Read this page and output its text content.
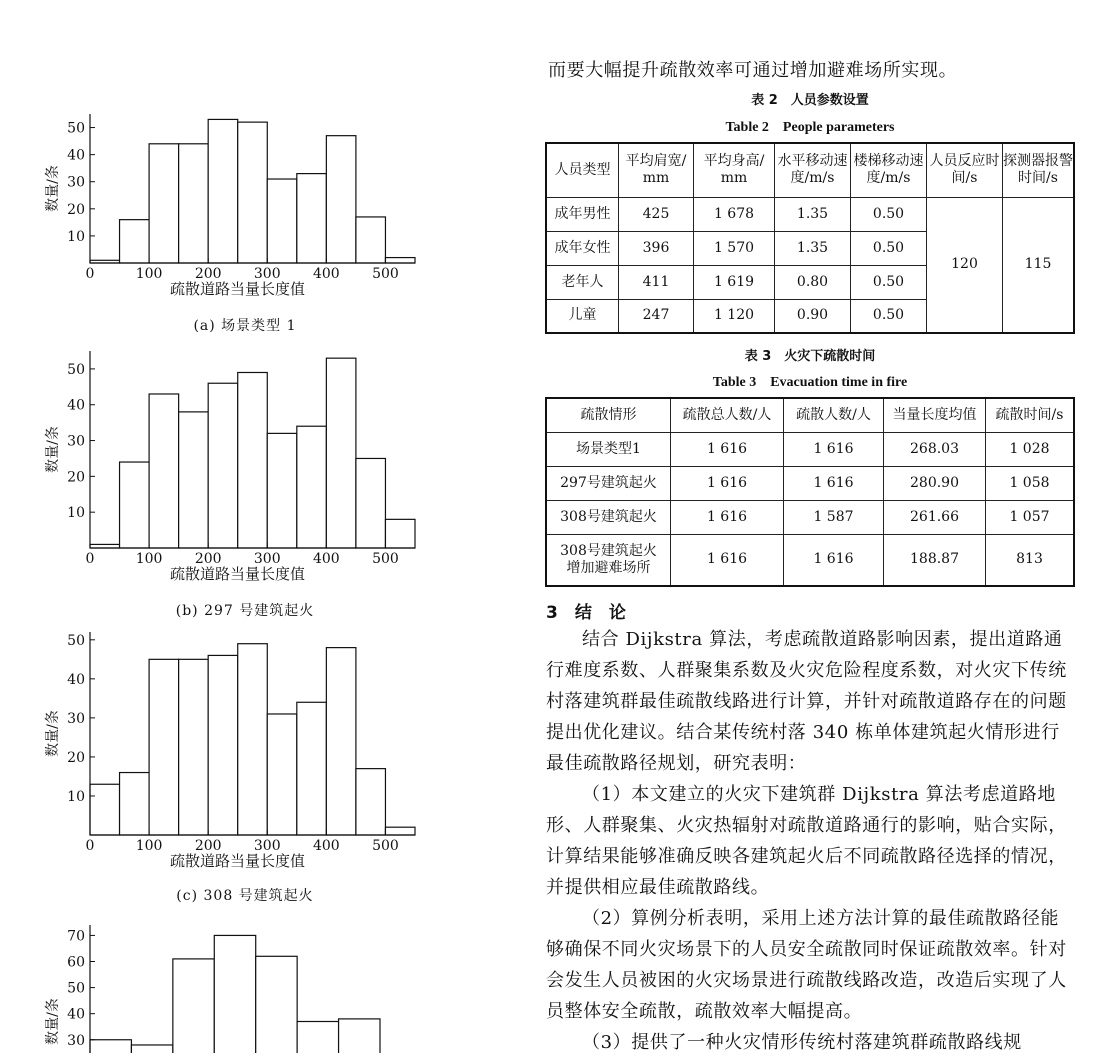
10
20
30
40
50
0	100 200 300 400 500
疏散道路当量长度值
数量/条
10
20
30
40
50
0	100 200 300 400 500
疏散道路当量长度值
数量/条
10
20
30
40
50
0	100 200 300 400 500
疏散道路当量长度值
数量/条
30
40
50
60
70
数量/条
(a) 场景类型 1
(b) 297 号建筑起火
(c) 308 号建筑起火
而要大幅提升疏散效率可通过增加避难场所实现。
表 2　人员参数设置
Table 2　People parameters
人员类型	平均肩宽/ mm	平均身高/ mm	水平移动速度/m/s	楼梯移动速度/m/s	人员反应时间/s	探测器报警时间/s
成年男性	425	1 678	1.35	0.50	120	115
成年女性	396	1 570	1.35	0.50		
老年人	411	1 619	0.80	0.50		
儿童	247	1 120	0.90	0.50		
表 3　火灾下疏散时间
Table 3　Evacuation time in fire
疏散情形	疏散总人数/人	疏散人数/人	当量长度均值	疏散时间/s
场景类型1	1 616	1 616	268.03	1 028
297号建筑起火	1 616	1 616	280.90	1 058
308号建筑起火	1 616	1 587	261.66	1 057
308号建筑起火增加避难场所	1 616	1 616	188.87	813
3　结　论

结合 Dijkstra 算法，考虑疏散道路影响因素，提出道路通行难度系数、人群聚集系数及火灾危险程度系数，对火灾下传统村落建筑群最佳疏散线路进行计算，并针对疏散道路存在的问题提出优化建议。结合某传统村落 340 栋单体建筑起火情形进行最佳疏散路径规划，研究表明：

（1）本文建立的火灾下建筑群 Dijkstra 算法考虑道路地形、人群聚集、火灾热辐射对疏散道路通行的影响，贴合实际，计算结果能够准确反映各建筑起火后不同疏散路径选择的情况，并提供相应最佳疏散路线。

（2）算例分析表明，采用上述方法计算的最佳疏散路径能够确保不同火灾场景下的人员安全疏散同时保证疏散效率。针对会发生人员被困的火灾场景进行疏散线路改造，改造后实现了人员整体安全疏散，疏散效率大幅提高。

（3）提供了一种火灾情形传统村落建筑群疏散路线规
